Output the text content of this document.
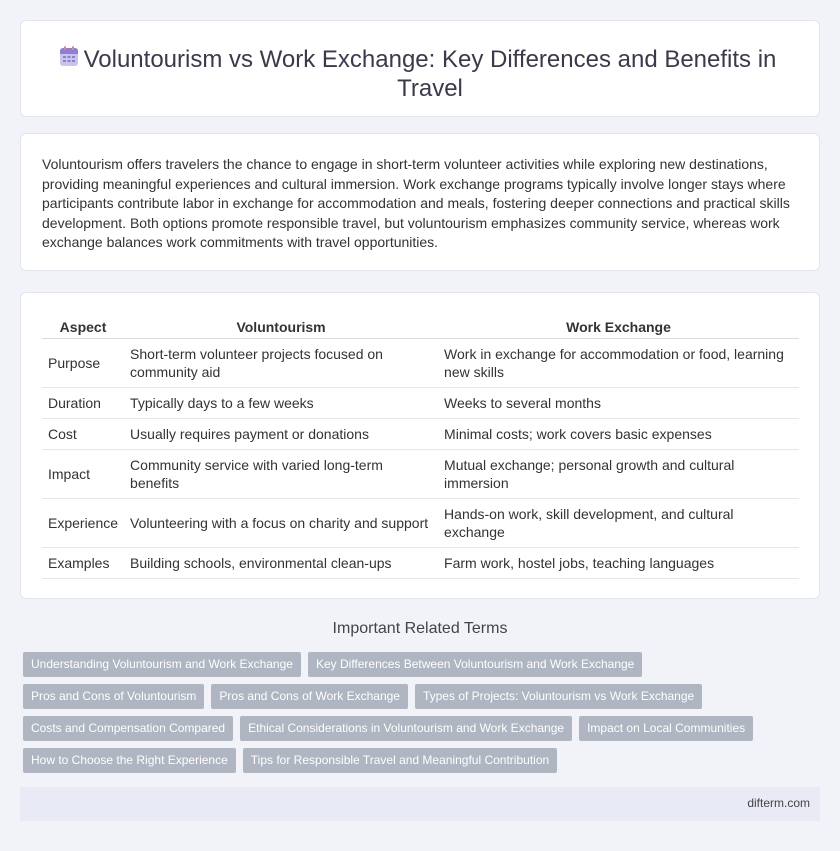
Voluntourism vs Work Exchange: Key Differences and Benefits in Travel

Voluntourism offers travelers the chance to engage in short-term volunteer activities while exploring new destinations, providing meaningful experiences and cultural immersion. Work exchange programs typically involve longer stays where participants contribute labor in exchange for accommodation and meals, fostering deeper connections and practical skills development. Both options promote responsible travel, but voluntourism emphasizes community service, whereas work exchange balances work commitments with travel opportunities.

Aspect	Voluntourism	Work Exchange
Purpose	Short-term volunteer projects focused on community aid	Work in exchange for accommodation or food, learning new skills
Duration	Typically days to a few weeks	Weeks to several months
Cost	Usually requires payment or donations	Minimal costs; work covers basic expenses
Impact	Community service with varied long-term benefits	Mutual exchange; personal growth and cultural immersion
Experience	Volunteering with a focus on charity and support	Hands-on work, skill development, and cultural exchange
Examples	Building schools, environmental clean-ups	Farm work, hostel jobs, teaching languages
Important Related Terms
Understanding Voluntourism and Work Exchange	Key Differences Between Voluntourism and Work Exchange
Pros and Cons of Voluntourism	Pros and Cons of Work Exchange	Types of Projects: Voluntourism vs Work Exchange
Costs and Compensation Compared	Ethical Considerations in Voluntourism and Work Exchange	Impact on Local Communities
How to Choose the Right Experience	Tips for Responsible Travel and Meaningful Contribution
difterm.com
